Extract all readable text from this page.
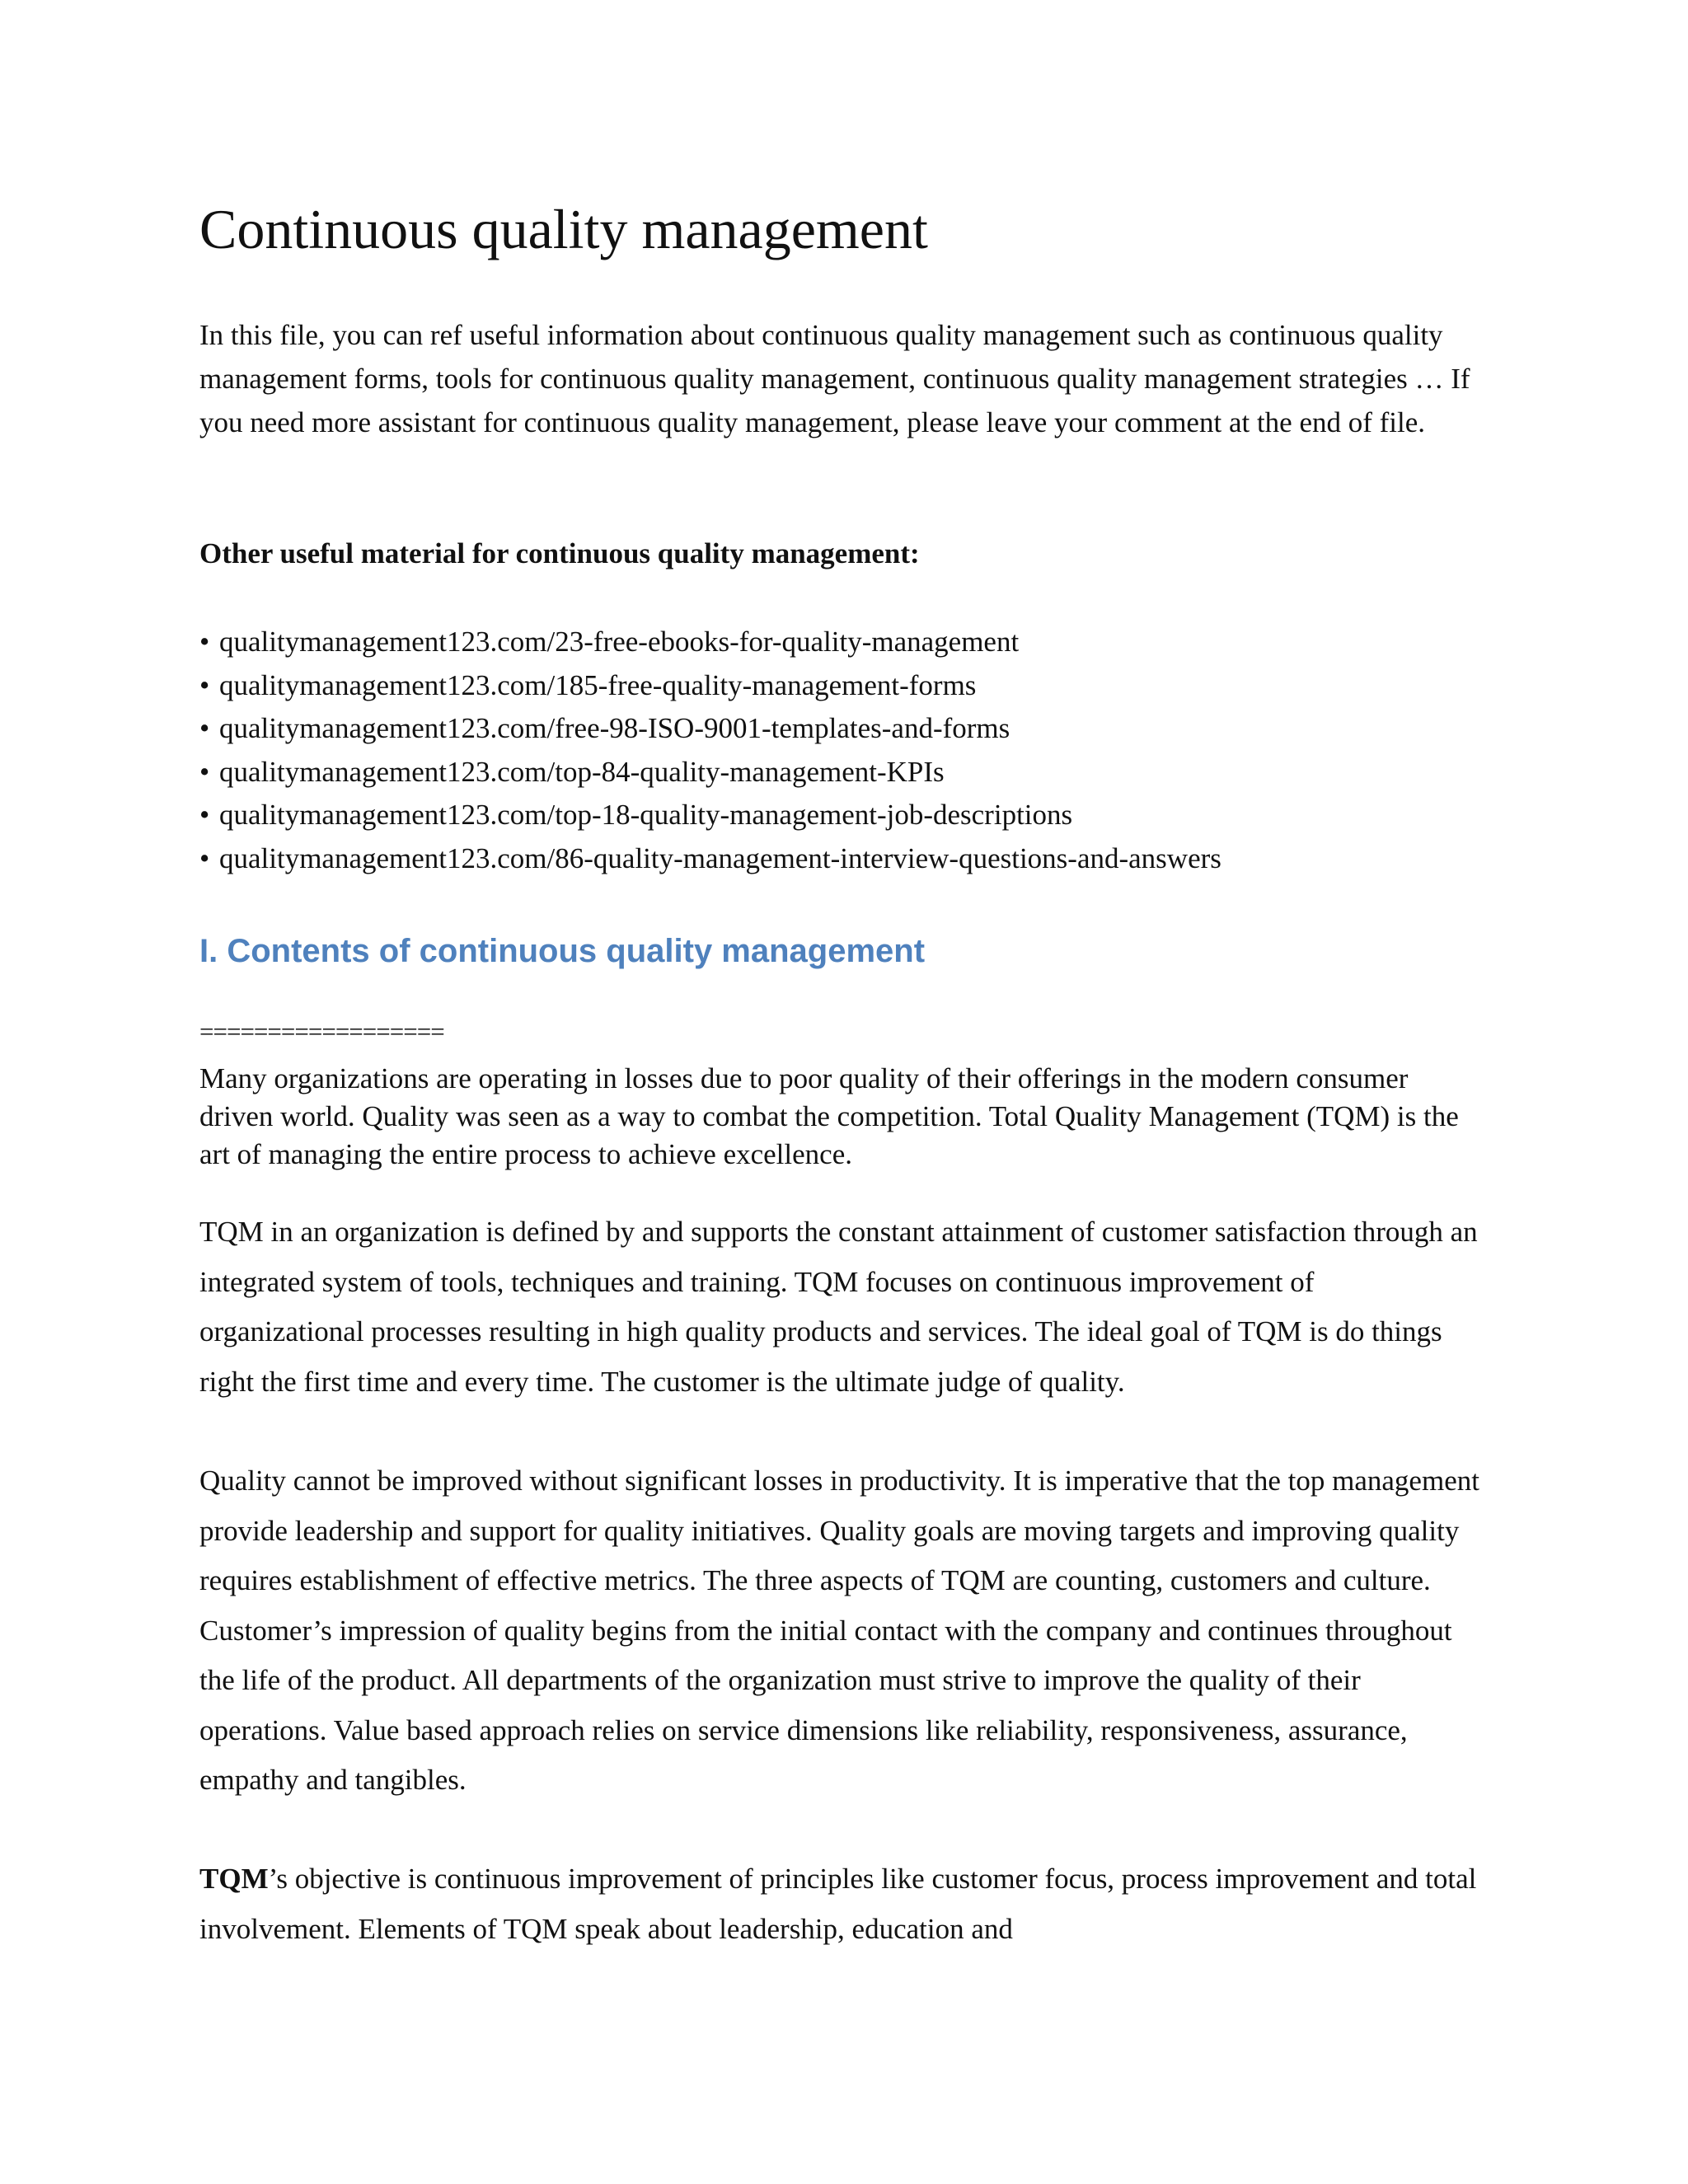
Continuous quality management

In this file, you can ref useful information about continuous quality management such as continuous quality management forms, tools for continuous quality management, continuous quality management strategies … If you need more assistant for continuous quality management, please leave your comment at the end of file.

Other useful material for continuous quality management:

• qualitymanagement123.com/23-free-ebooks-for-quality-management
• qualitymanagement123.com/185-free-quality-management-forms
• qualitymanagement123.com/free-98-ISO-9001-templates-and-forms
• qualitymanagement123.com/top-84-quality-management-KPIs
• qualitymanagement123.com/top-18-quality-management-job-descriptions
• qualitymanagement123.com/86-quality-management-interview-questions-and-answers
I. Contents of continuous quality management

==================

Many organizations are operating in losses due to poor quality of their offerings in the modern consumer driven world. Quality was seen as a way to combat the competition. Total Quality Management (TQM) is the art of managing the entire process to achieve excellence.

TQM in an organization is defined by and supports the constant attainment of customer satisfaction through an integrated system of tools, techniques and training. TQM focuses on continuous improvement of organizational processes resulting in high quality products and services. The ideal goal of TQM is do things right the first time and every time. The customer is the ultimate judge of quality.

Quality cannot be improved without significant losses in productivity. It is imperative that the top management provide leadership and support for quality initiatives. Quality goals are moving targets and improving quality requires establishment of effective metrics. The three aspects of TQM are counting, customers and culture. Customer’s impression of quality begins from the initial contact with the company and continues throughout the life of the product. All departments of the organization must strive to improve the quality of their operations. Value based approach relies on service dimensions like reliability, responsiveness, assurance, empathy and tangibles.

TQM’s objective is continuous improvement of principles like customer focus, process improvement and total involvement. Elements of TQM speak about leadership, education and
